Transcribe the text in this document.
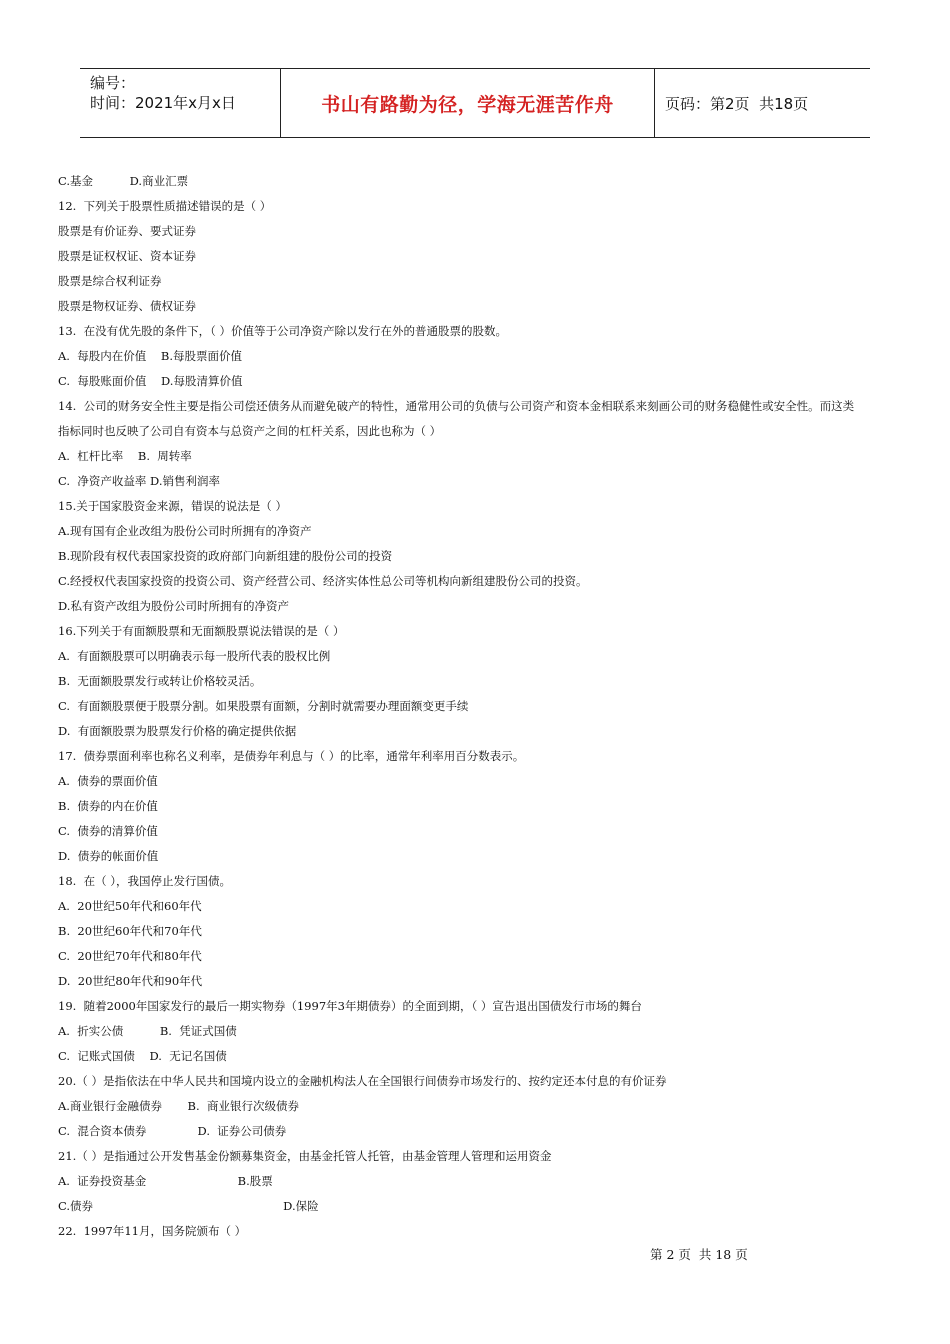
编号：
时间：2021年x月x日	书山有路勤为径，学海无涯苦作舟	页码：第2页  共18页
C.基金          D.商业汇票
12.  下列关于股票性质描述错误的是（ ）
股票是有价证券、要式证券
股票是证权权证、资本证券
股票是综合权利证券
股票是物权证券、债权证券
13.  在没有优先股的条件下，（ ）价值等于公司净资产除以发行在外的普通股票的股数。
A.  每股内在价值    B.每股票面价值
C.  每股账面价值    D.每股清算价值
14.  公司的财务安全性主要是指公司偿还债务从而避免破产的特性，通常用公司的负债与公司资产和资本金相联系来刻画公司的财务稳健性或安全性。而这类
指标同时也反映了公司自有资本与总资产之间的杠杆关系，因此也称为（ ）
A.  杠杆比率    B.  周转率
C.  净资产收益率 D.销售利润率
15.关于国家股资金来源，错误的说法是（ ）
A.现有国有企业改组为股份公司时所拥有的净资产
B.现阶段有权代表国家投资的政府部门向新组建的股份公司的投资
C.经授权代表国家投资的投资公司、资产经营公司、经济实体性总公司等机构向新组建股份公司的投资。
D.私有资产改组为股份公司时所拥有的净资产
16.下列关于有面额股票和无面额股票说法错误的是（ ）
A.  有面额股票可以明确表示每一股所代表的股权比例
B.  无面额股票发行或转让价格较灵活。
C.  有面额股票便于股票分割。如果股票有面额，分割时就需要办理面额变更手续
D.  有面额股票为股票发行价格的确定提供依据
17.  债券票面利率也称名义利率，是债券年利息与（ ）的比率，通常年利率用百分数表示。
A.  债券的票面价值
B.  债券的内在价值
C.  债券的清算价值
D.  债券的帐面价值
18.  在（ ），我国停止发行国债。
A.  20世纪50年代和60年代
B.  20世纪60年代和70年代
C.  20世纪70年代和80年代
D.  20世纪80年代和90年代
19.  随着2000年国家发行的最后一期实物券（1997年3年期债券）的全面到期，（ ）宣告退出国债发行市场的舞台
A.  折实公债          B.  凭证式国债
C.  记账式国债    D.  无记名国债
20.（ ）是指依法在中华人民共和国境内设立的金融机构法人在全国银行间债券市场发行的、按约定还本付息的有价证券
A.商业银行金融债券       B.  商业银行次级债券
C.  混合资本债券              D.  证券公司债券
21.（ ）是指通过公开发售基金份额募集资金，由基金托管人托管，由基金管理人管理和运用资金
A.  证券投资基金                         B.股票
C.债券                                                    D.保险
22.  1997年11月，国务院颁布（ ）
第 2 页  共 18 页
